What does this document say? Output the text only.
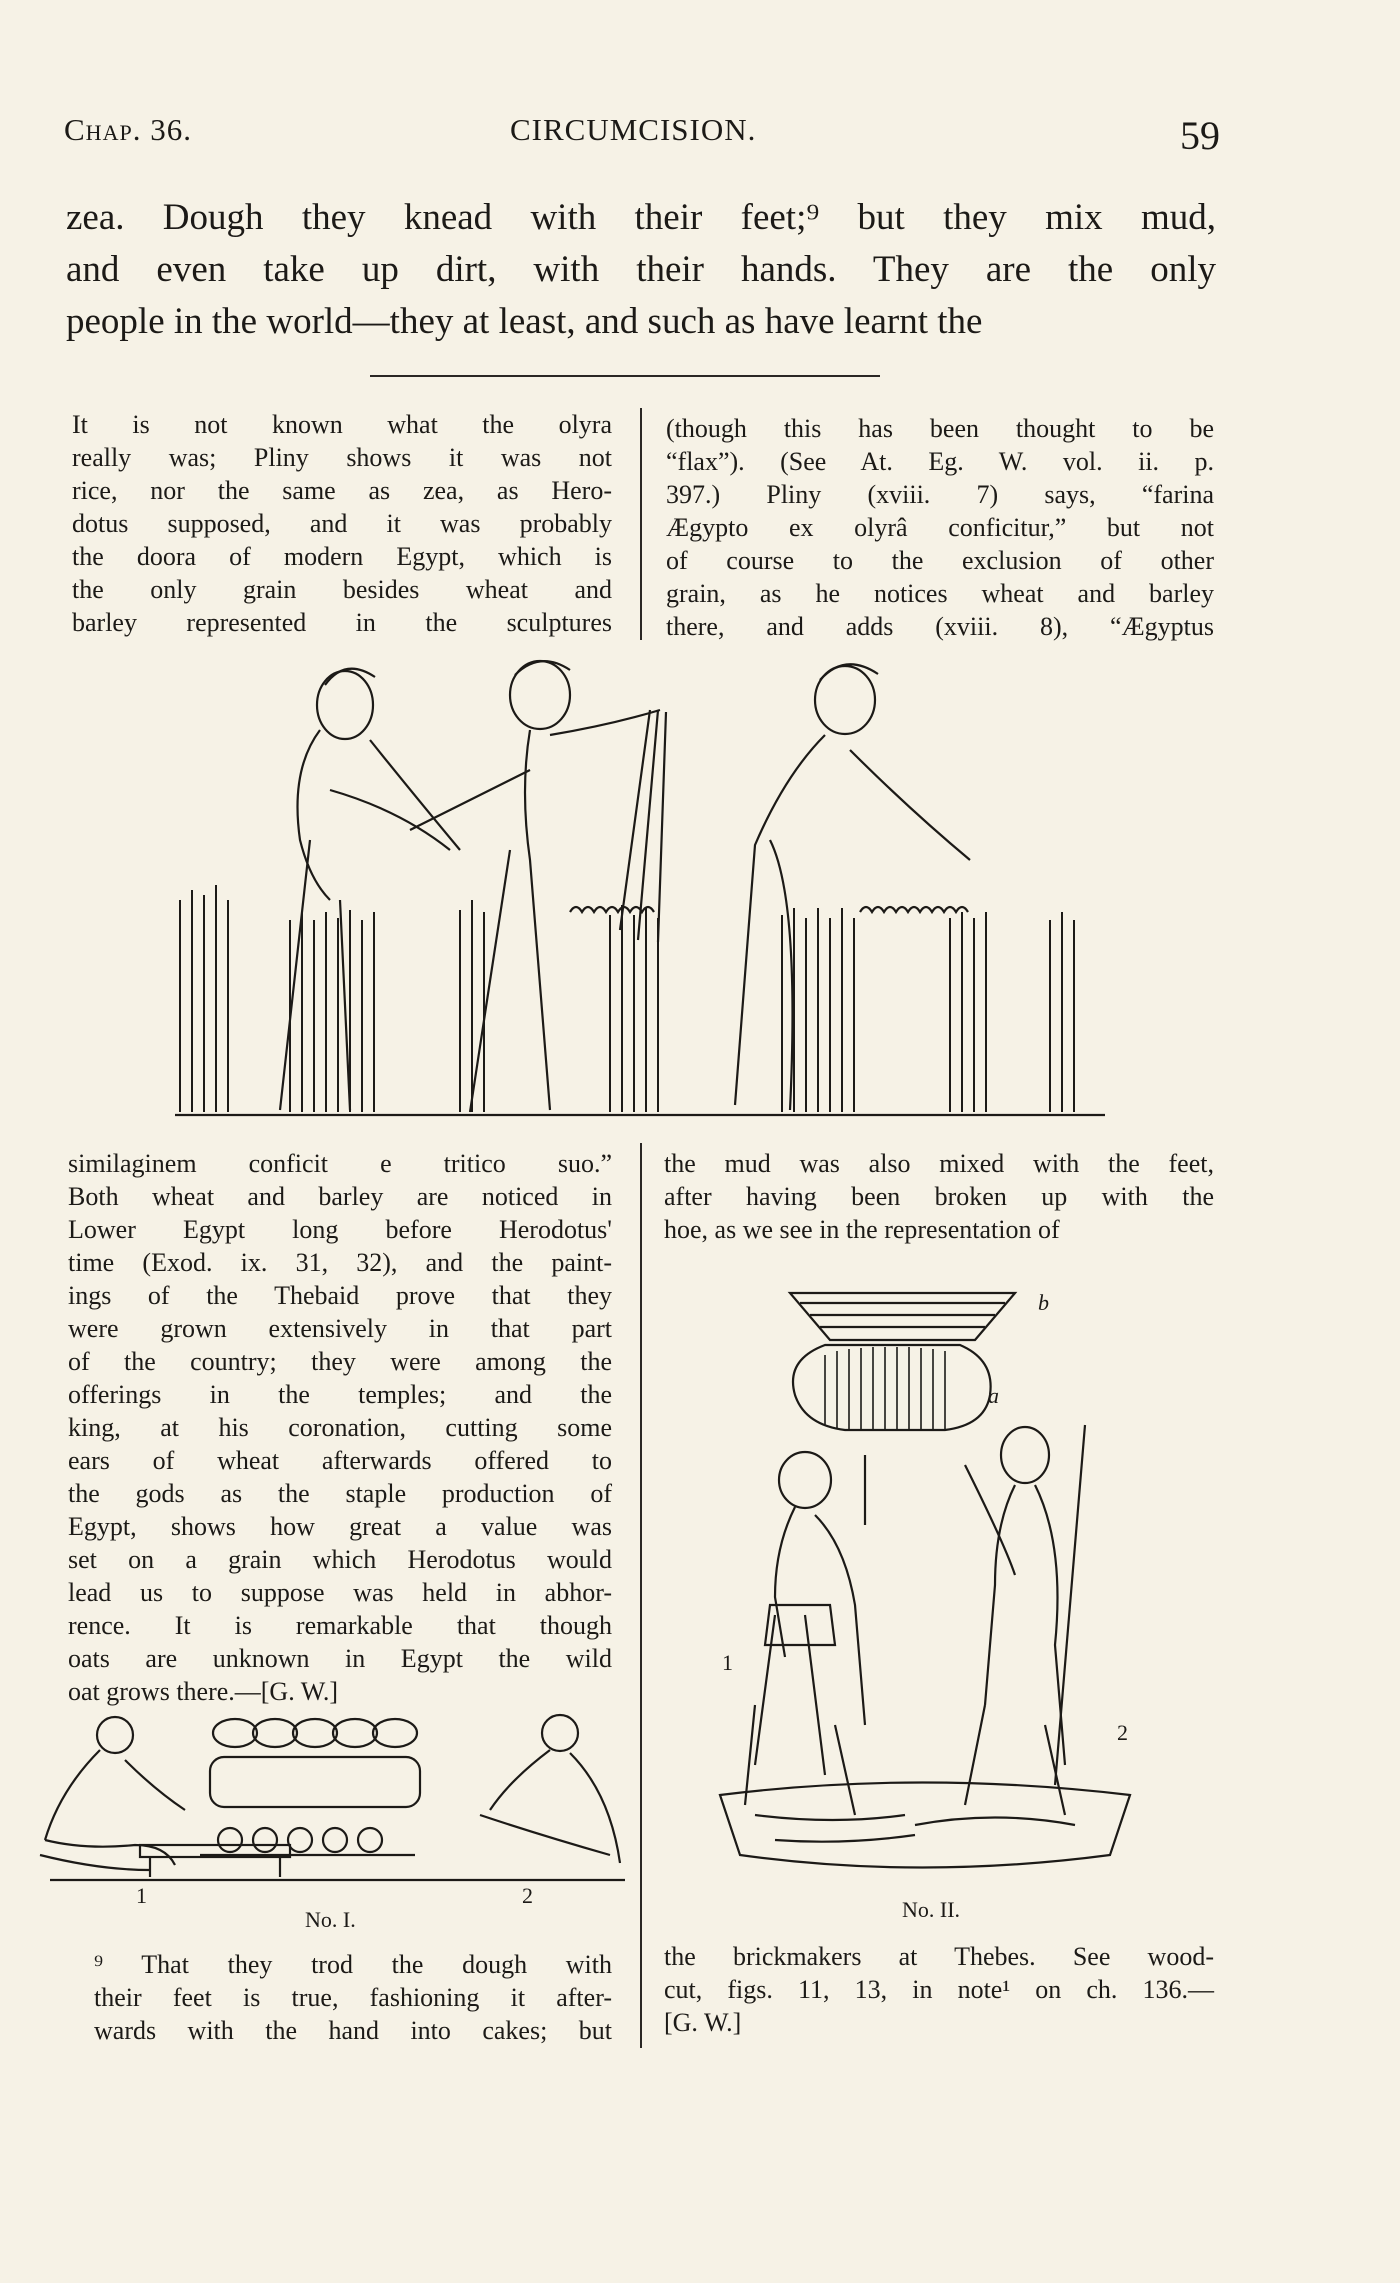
Chap. 36.	CIRCUMCISION.	59

zea. Dough they knead with their feet;⁹ but they mix mud,

and even take up dirt, with their hands. They are the only

people in the world—they at least, and such as have learnt the

It is not known what the olyra

really was; Pliny shows it was not

rice, nor the same as zea, as Hero-

dotus supposed, and it was probably

the doora of modern Egypt, which is

the only grain besides wheat and

barley represented in the sculptures

(though this has been thought to be

“flax”). (See At. Eg. W. vol. ii. p.

397.) Pliny (xviii. 7) says, “farina

Ægypto ex olyrâ conficitur,” but not

of course to the exclusion of other

grain, as he notices wheat and barley

there, and adds (xviii. 8), “Ægyptus

similaginem conficit e tritico suo.”

Both wheat and barley are noticed in

Lower Egypt long before Herodotus'

time (Exod. ix. 31, 32), and the paint-

ings of the Thebaid prove that they

were grown extensively in that part

of the country; they were among the

offerings in the temples; and the

king, at his coronation, cutting some

ears of wheat afterwards offered to

the gods as the staple production of

Egypt, shows how great a value was

set on a grain which Herodotus would

lead us to suppose was held in abhor-

rence. It is remarkable that though

oats are unknown in Egypt the wild

oat grows there.—[G. W.]

the mud was also mixed with the feet,

after having been broken up with the

hoe, as we see in the representation of

1	2
No. I.
b
a
1
2
No. II.

⁹ That they trod the dough with

their feet is true, fashioning it after-

wards with the hand into cakes; but

the brickmakers at Thebes. See wood-

cut, figs. 11, 13, in note¹ on ch. 136.—

[G. W.]
